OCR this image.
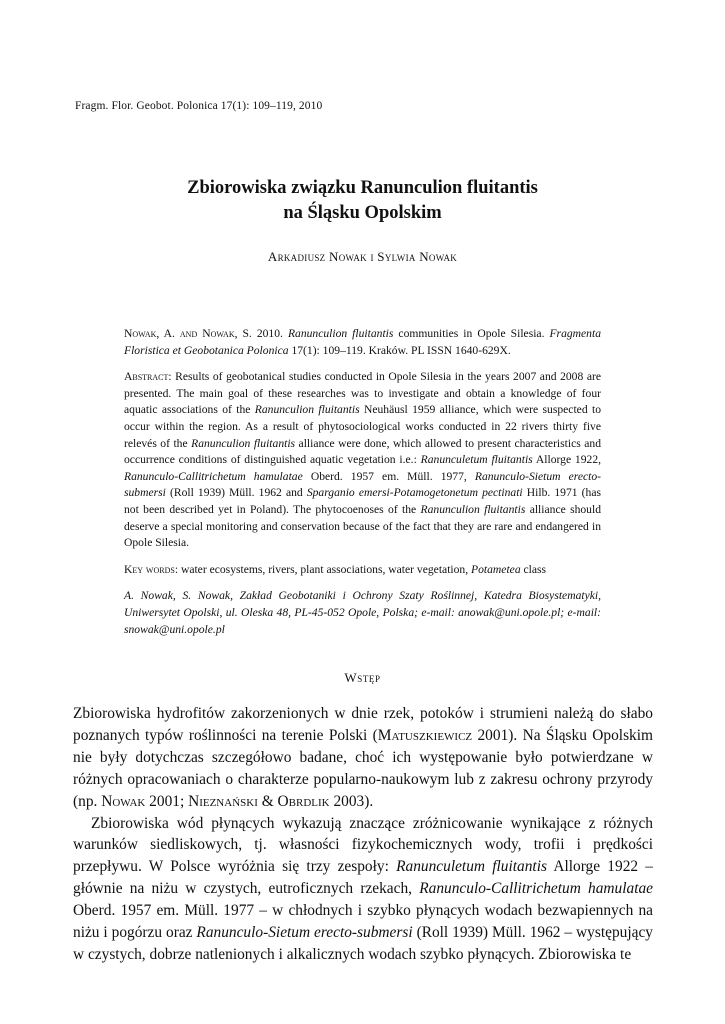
Fragm. Flor. Geobot. Polonica 17(1): 109–119, 2010
Zbiorowiska związku Ranunculion fluitantis
na Śląsku Opolskim
Arkadiusz Nowak i Sylwia Nowak

Nowak, A. and Nowak, S. 2010. Ranunculion fluitantis communities in Opole Silesia. Fragmenta Floristica et Geobotanica Polonica 17(1): 109–119. Kraków. PL ISSN 1640-629X.

Abstract: Results of geobotanical studies conducted in Opole Silesia in the years 2007 and 2008 are presented. The main goal of these researches was to investigate and obtain a knowledge of four aquatic associations of the Ranunculion fluitantis Neuhäusl 1959 alliance, which were suspected to occur within the region. As a result of phytosociological works conducted in 22 rivers thirty five relevés of the Ranunculion fluitantis alliance were done, which allowed to present characteristics and occurrence conditions of distinguished aquatic vegetation i.e.: Ranunculetum fluitantis Allorge 1922, Ranunculo-Callitrichetum hamulatae Oberd. 1957 em. Müll. 1977, Ranunculo-Sietum erecto-submersi (Roll 1939) Müll. 1962 and Sparganio emersi-Potamogetonetum pectinati Hilb. 1971 (has not been described yet in Poland). The phytocoenoses of the Ranunculion fluitantis alliance should deserve a special monitoring and conservation because of the fact that they are rare and endangered in Opole Silesia.

Key words: water ecosystems, rivers, plant associations, water vegetation, Potametea class

A. Nowak, S. Nowak, Zakład Geobotaniki i Ochrony Szaty Roślinnej, Katedra Biosystematyki, Uniwersytet Opolski, ul. Oleska 48, PL-45-052 Opole, Polska; e-mail: anowak@uni.opole.pl; e-mail: snowak@uni.opole.pl

Wstęp

Zbiorowiska hydrofitów zakorzenionych w dnie rzek, potoków i strumieni należą do słabo poznanych typów roślinności na terenie Polski (Matuszkiewicz 2001). Na Śląsku Opolskim nie były dotychczas szczegółowo badane, choć ich występowanie było potwierdzane w różnych opracowaniach o charakterze popularno-naukowym lub z zakresu ochrony przyrody (np. Nowak 2001; Nieznański & Obrdlik 2003).

Zbiorowiska wód płynących wykazują znaczące zróżnicowanie wynikające z różnych warunków siedliskowych, tj. własności fizykochemicznych wody, trofii i prędkości przepływu. W Polsce wyróżnia się trzy zespoły: Ranunculetum fluitantis Allorge 1922 – głównie na niżu w czystych, eutroficznych rzekach, Ranunculo-Callitrichetum hamulatae Oberd. 1957 em. Müll. 1977 – w chłodnych i szybko płynących wodach bezwapiennych na niżu i pogórzu oraz Ranunculo-Sietum erecto-submersi (Roll 1939) Müll. 1962 – występujący w czystych, dobrze natlenionych i alkalicznych wodach szybko płynących. Zbiorowiska te
